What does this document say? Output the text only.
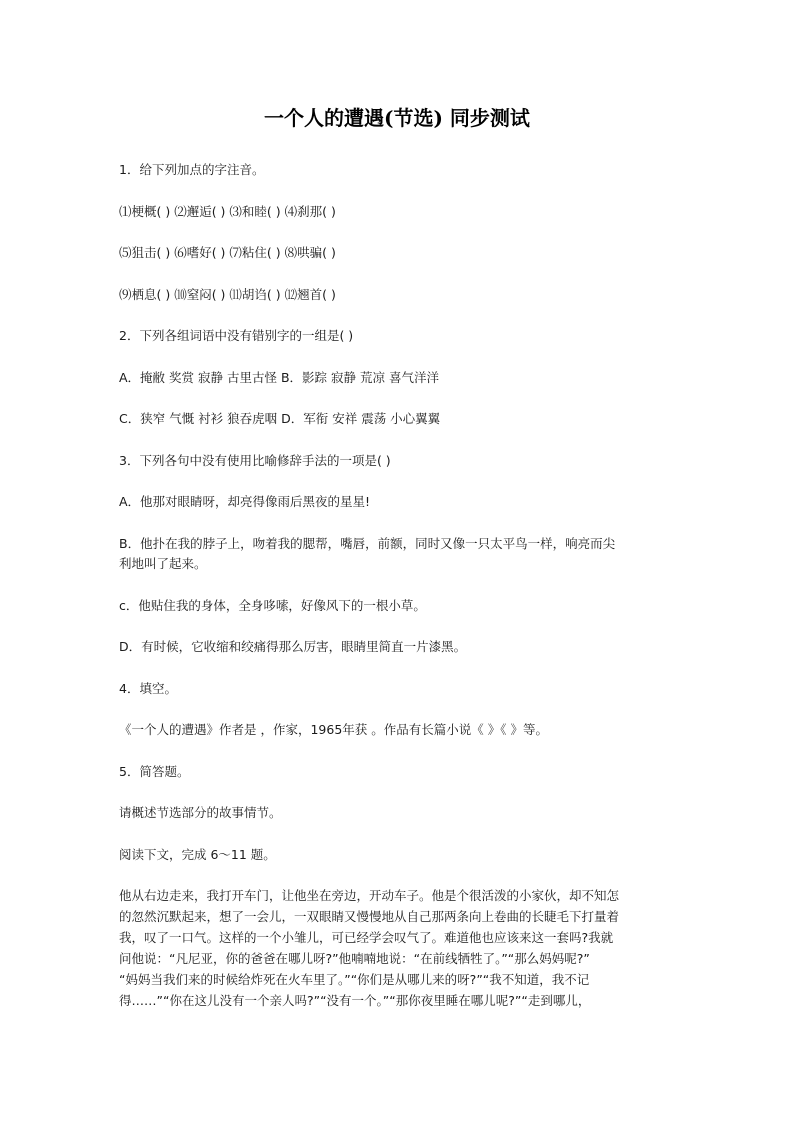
一个人的遭遇(节选) 同步测试
1．给下列加点的字注音。
⑴梗概( ) ⑵邂逅( ) ⑶和睦( ) ⑷刹那( )
⑸狙击( ) ⑹嗜好( ) ⑺粘住( ) ⑻哄骗( )
⑼栖息( ) ⑽窒闷( ) ⑾胡诌( ) ⑿翘首( )
2．下列各组词语中没有错别字的一组是( )
A．掩敝 奖赏 寂静 古里古怪 B．影踪 寂静 荒凉 喜气洋洋
C．狭窄 气慨 衬衫 狼吞虎咽 D．军衔 安祥 震荡 小心翼翼
3．下列各句中没有使用比喻修辞手法的一项是( )
A．他那对眼睛呀，却亮得像雨后黑夜的星星!
B．他扑在我的脖子上，吻着我的腮帮，嘴唇，前额，同时又像一只太平鸟一样，响亮而尖
利地叫了起来。
c．他贴住我的身体，全身哆嗦，好像风下的一根小草。
D．有时候，它收缩和绞痛得那么厉害，眼睛里简直一片漆黑。
4．填空。
《一个人的遭遇》作者是 ，作家，1965年获 。作品有长篇小说《 》《 》等。
5．简答题。
请概述节选部分的故事情节。
阅读下文，完成 6～11 题。

他从右边走来，我打开车门，让他坐在旁边，开动车子。他是个很活泼的小家伙，却不知怎
的忽然沉默起来，想了一会儿，一双眼睛又慢慢地从自己那两条向上卷曲的长睫毛下打量着
我，叹了一口气。这样的一个小雏儿，可已经学会叹气了。难道他也应该来这一套吗?我就
问他说：“凡尼亚，你的爸爸在哪儿呀?”他喃喃地说：“在前线牺牲了。”“那么妈妈呢?”
“妈妈当我们来的时候给炸死在火车里了。”“你们是从哪儿来的呀?”“我不知道，我不记
得……”“你在这儿没有一个亲人吗?”“没有一个。”“那你夜里睡在哪儿呢?”“走到哪儿，
